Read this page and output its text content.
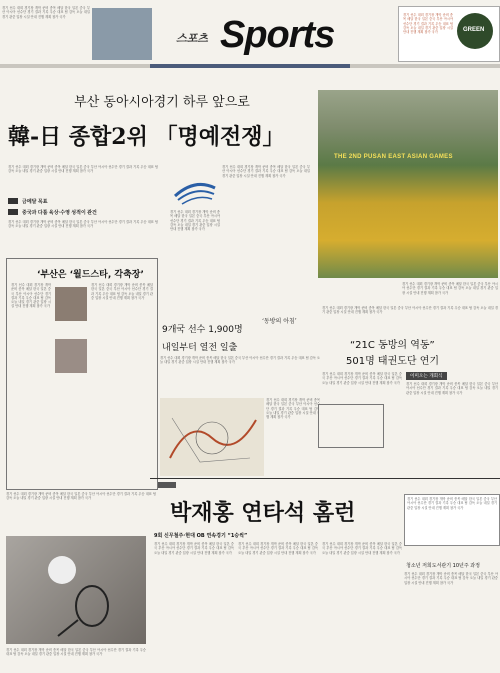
경기 선수 대회 경기장 개막 준비 종목 메달 한국 일본 중국 부산 아시아 선수단 경기 결과 기록 우승 대표 팀 감독 오늘 내일 경기 관중 입장 시설 안내 진행 계획 참가 국가
스포츠 Sports	GREEN
경기 선수 대회 경기장 개막 준비 종목 메달 한국 일본 중국 부산 아시아 선수단 경기 결과 기록 우승 대표 팀 감독 오늘 내일 경기 관중 입장 시설 안내 진행 계획 참가 국가
부산 동아시아경기 하루 앞으로
韓-日 종합2위 「명예전쟁」
THE 2ND PUSAN EAST ASIAN GAMES
경기 선수 대회 경기장 개막 준비 종목 메달 한국 일본 중국 부산 아시아 선수단 경기 결과 기록 우승 대표 팀 감독 오늘 내일 경기 관중 입장 시설 안내 진행 계획 참가 국가
경기 선수 대회 경기장 개막 준비 종목 메달 한국 일본 중국 부산 아시아 선수단 경기 결과 기록 우승 대표 팀 감독 오늘 내일 경기 관중 입장 시설 안내 진행 계획 참가 국가
금메달 목표
중국과 다툼 육상·수영 성적이 관건
경기 선수 대회 경기장 개막 준비 종목 메달 한국 일본 중국 부산 아시아 선수단 경기 결과 기록 우승 대표 팀 감독 오늘 내일 경기 관중 입장 시설 안내 진행 계획 참가 국가
경기 선수 대회 경기장 개막 준비 종목 메달 한국 일본 중국 부산 아시아 선수단 경기 결과 기록 우승 대표 팀 감독 오늘 내일 경기 관중 입장 시설 안내 진행 계획 참가 국가
경기 선수 대회 경기장 개막 준비 종목 메달 한국 일본 중국 부산 아시아 선수단 경기 결과 기록 우승 대표 팀 감독 오늘 내일 경기 관중 입장 시설 안내 진행 계획 참가 국가
‘부산은 ‘월드스타, 각축장’
경기 선수 대회 경기장 개막 준비 종목 메달 한국 일본 중국 부산 아시아 선수단 경기 결과 기록 우승 대표 팀 감독 오늘 내일 경기 관중 입장 시설 안내 진행 계획 참가 국가
경기 선수 대회 경기장 개막 준비 종목 메달 한국 일본 중국 부산 아시아 선수단 경기 결과 기록 우승 대표 팀 감독 오늘 내일 경기 관중 입장 시설 안내 진행 계획 참가 국가
경기 선수 대회 경기장 개막 준비 종목 메달 한국 일본 중국 부산 아시아 선수단 경기 결과 기록 우승 대표 팀 감독 오늘 내일 경기 관중 입장 시설 안내 진행 계획 참가 국가
9개국 선수 1,900명
내일부터 열전 일출
경기 선수 대회 경기장 개막 준비 종목 메달 한국 일본 중국 부산 아시아 선수단 경기 결과 기록 우승 대표 팀 감독 오늘 내일 경기 관중 입장 시설 안내 진행 계획 참가 국가
경기 선수 대회 경기장 개막 준비 종목 메달 한국 일본 중국 부산 아시아 선수단 경기 결과 기록 우승 대표 팀 감독 오늘 내일 경기 관중 입장 시설 안내 진행 계획 참가 국가
경기 선수 대회 경기장 개막 준비 종목 메달 한국 일본 중국 부산 아시아 선수단 경기 결과 기록 우승 대표 팀 감독 오늘 내일 경기 관중 입장 시설 안내 진행 계획 참가 국가
‘동방의 아침’
“21C 동방의 역동”
501명 태권도단 연기
이미오는 개회식
경기 선수 대회 경기장 개막 준비 종목 메달 한국 일본 중국 부산 아시아 선수단 경기 결과 기록 우승 대표 팀 감독 오늘 내일 경기 관중 입장 시설 안내 진행 계획 참가 국가
경기 선수 대회 경기장 개막 준비 종목 메달 한국 일본 중국 부산 아시아 선수단 경기 결과 기록 우승 대표 팀 감독 오늘 내일 경기 관중 입장 시설 안내 진행 계획 참가 국가
박재홍 연타석 홈런
9회 신무철주·현대 OB 연속경기 “1승씩”
경기 선수 대회 경기장 개막 준비 종목 메달 한국 일본 중국 부산 아시아 선수단 경기 결과 기록 우승 대표 팀 감독 오늘 내일 경기 관중 입장 시설 안내 진행 계획 참가 국가
경기 선수 대회 경기장 개막 준비 종목 메달 한국 일본 중국 부산 아시아 선수단 경기 결과 기록 우승 대표 팀 감독 오늘 내일 경기 관중 입장 시설 안내 진행 계획 참가 국가
경기 선수 대회 경기장 개막 준비 종목 메달 한국 일본 중국 부산 아시아 선수단 경기 결과 기록 우승 대표 팀 감독 오늘 내일 경기 관중 입장 시설 안내 진행 계획 참가 국가
경기 선수 대회 경기장 개막 준비 종목 메달 한국 일본 중국 부산 아시아 선수단 경기 결과 기록 우승 대표 팀 감독 오늘 내일 경기 관중 입장 시설 안내 진행 계획 참가 국가
청소년 저희도서관기 10년주 과정
경기 선수 대회 경기장 개막 준비 종목 메달 한국 일본 중국 부산 아시아 선수단 경기 결과 기록 우승 대표 팀 감독 오늘 내일 경기 관중 입장 시설 안내 진행 계획 참가 국가
경기 선수 대회 경기장 개막 준비 종목 메달 한국 일본 중국 부산 아시아 선수단 경기 결과 기록 우승 대표 팀 감독 오늘 내일 경기 관중 입장 시설 안내 진행 계획 참가 국가
